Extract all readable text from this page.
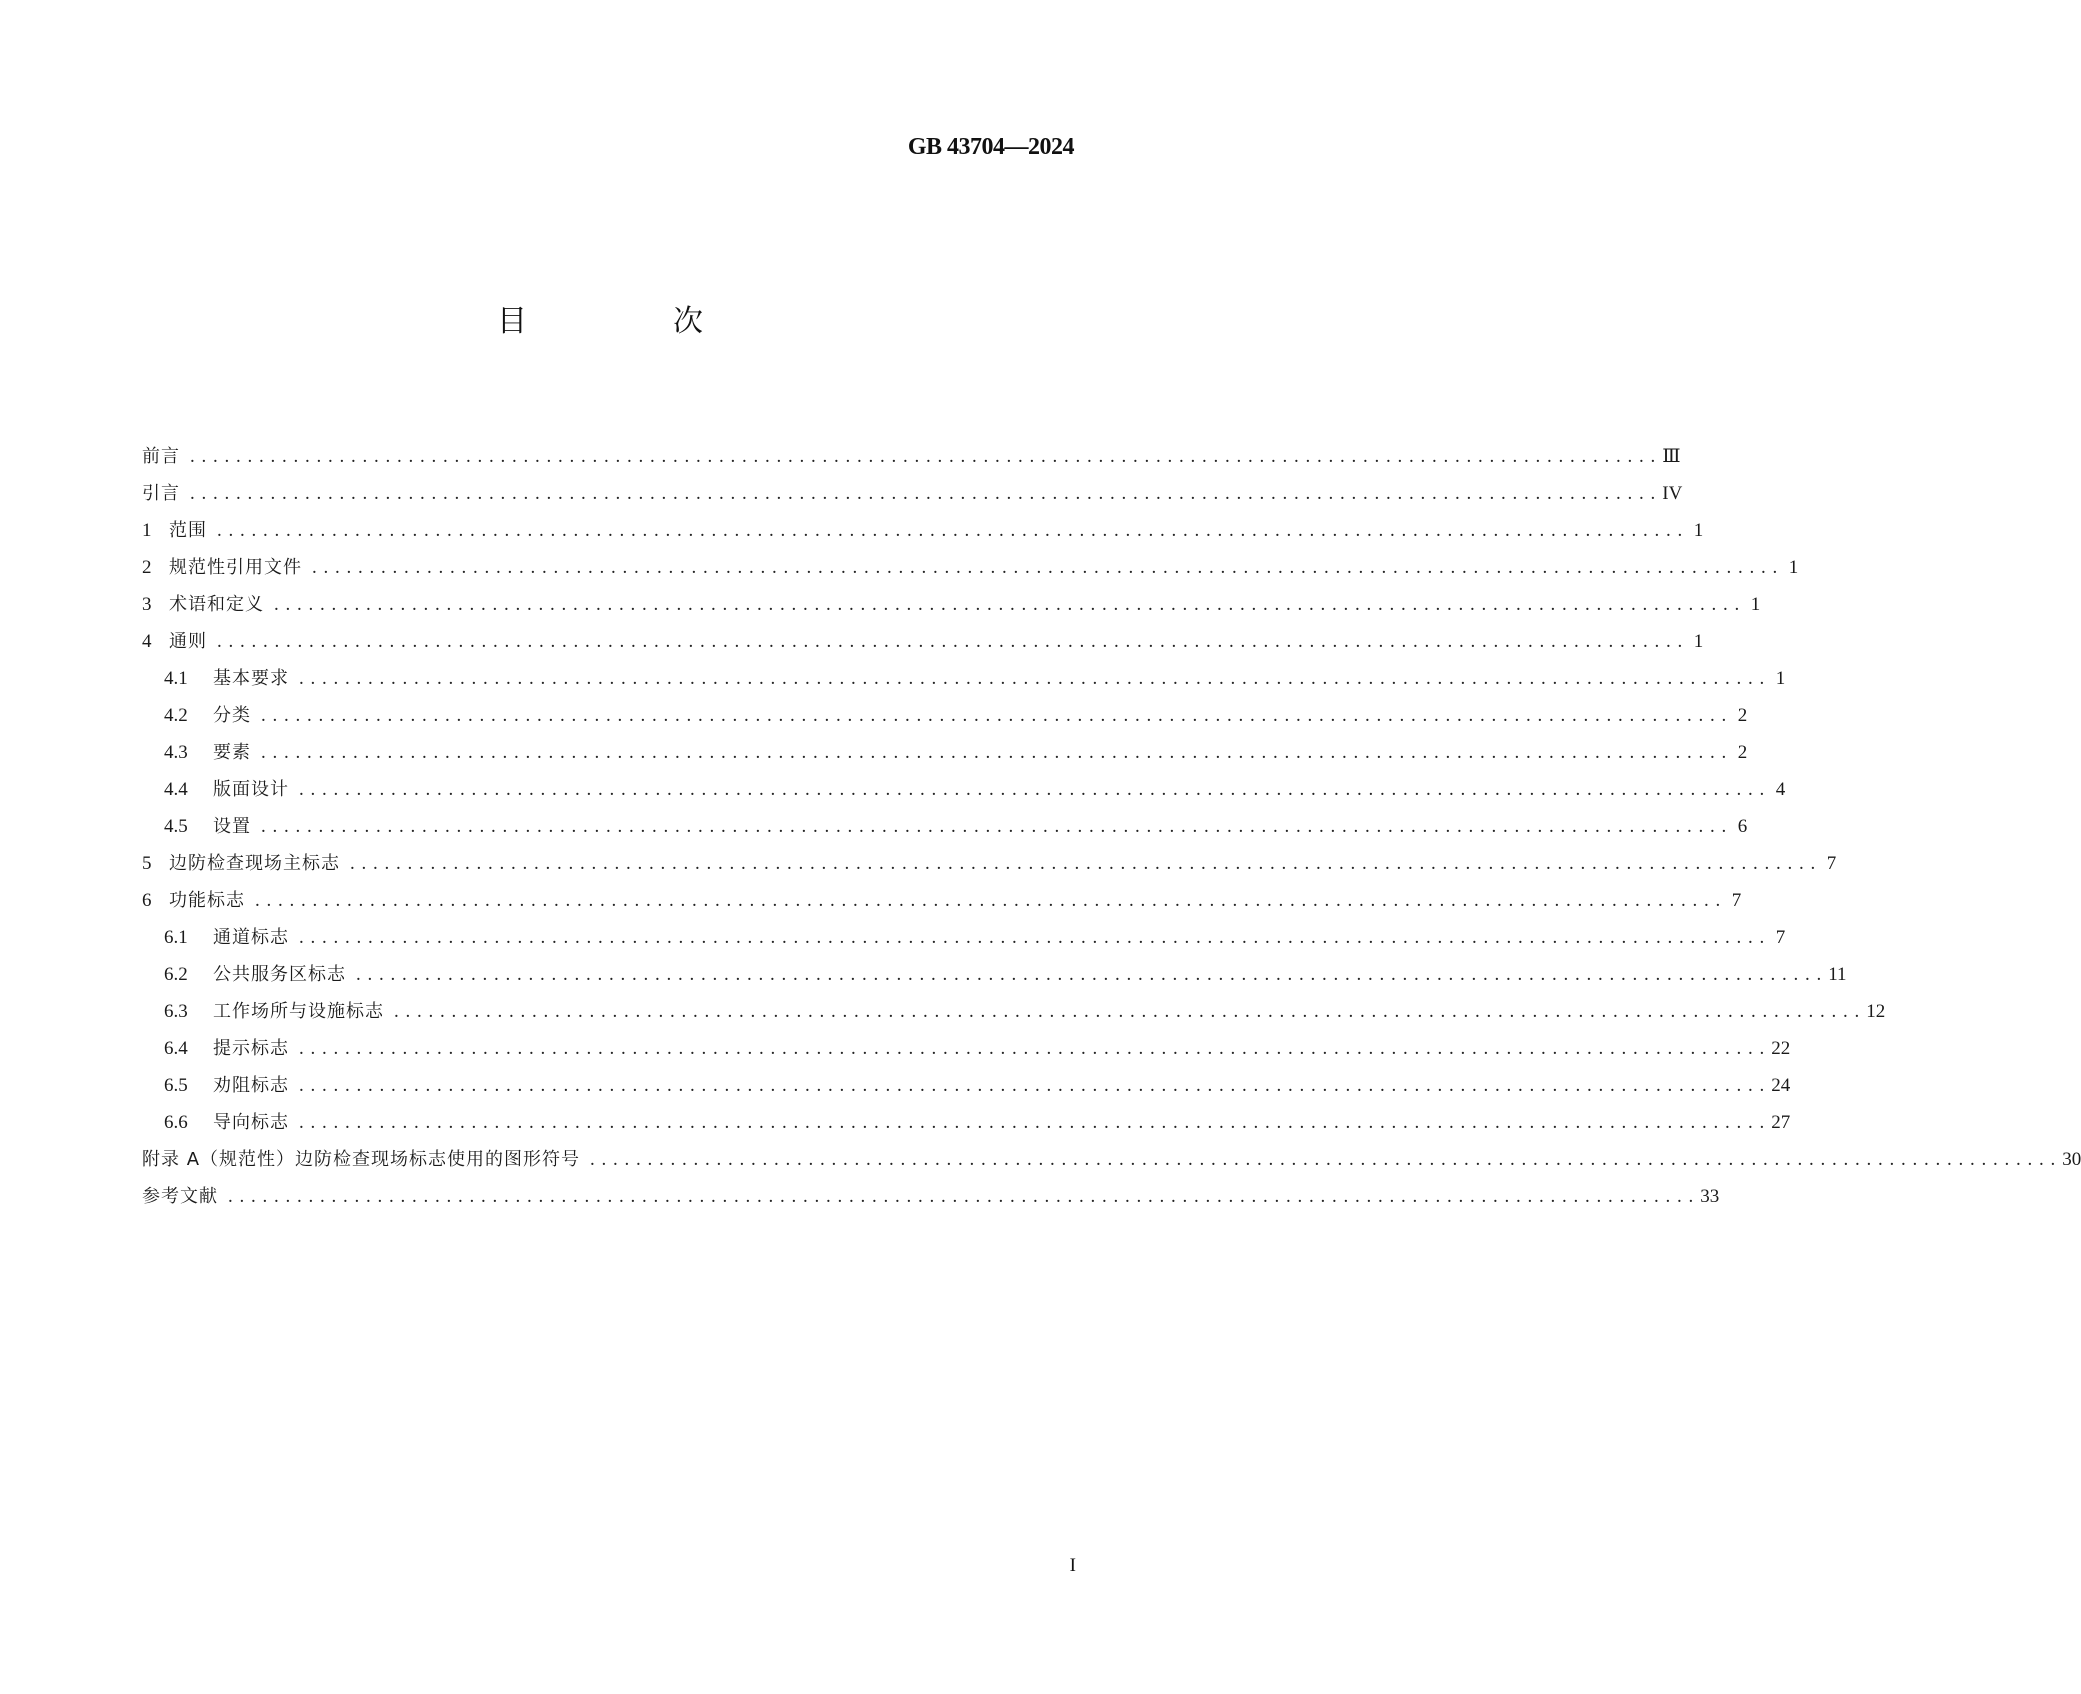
GB 43704—2024
目　次
前言 . . .	Ⅲ
引言 . . .	IV
1 范围 . . .	1
2 规范性引用文件 . . .	1
3 术语和定义 . . .	1
4 通则 . . .	1
4.1	基本要求 . . .	1
4.2	分类 . . .	2
4.3	要素 . . .	2
4.4	版面设计 . . .	4
4.5	设置 . . .	6
5 边防检查现场主标志 . . .	7
6 功能标志 . . .	7
6.1	通道标志 . . .	7
6.2	公共服务区标志 . . .	11
6.3	工作场所与设施标志 . . .	12
6.4	提示标志 . . .	22
6.5	劝阻标志 . . .	24
6.6	导向标志 . . .	27
附录 A（规范性）边防检查现场标志使用的图形符号 . . .	30
参考文献 . . .	33
I
